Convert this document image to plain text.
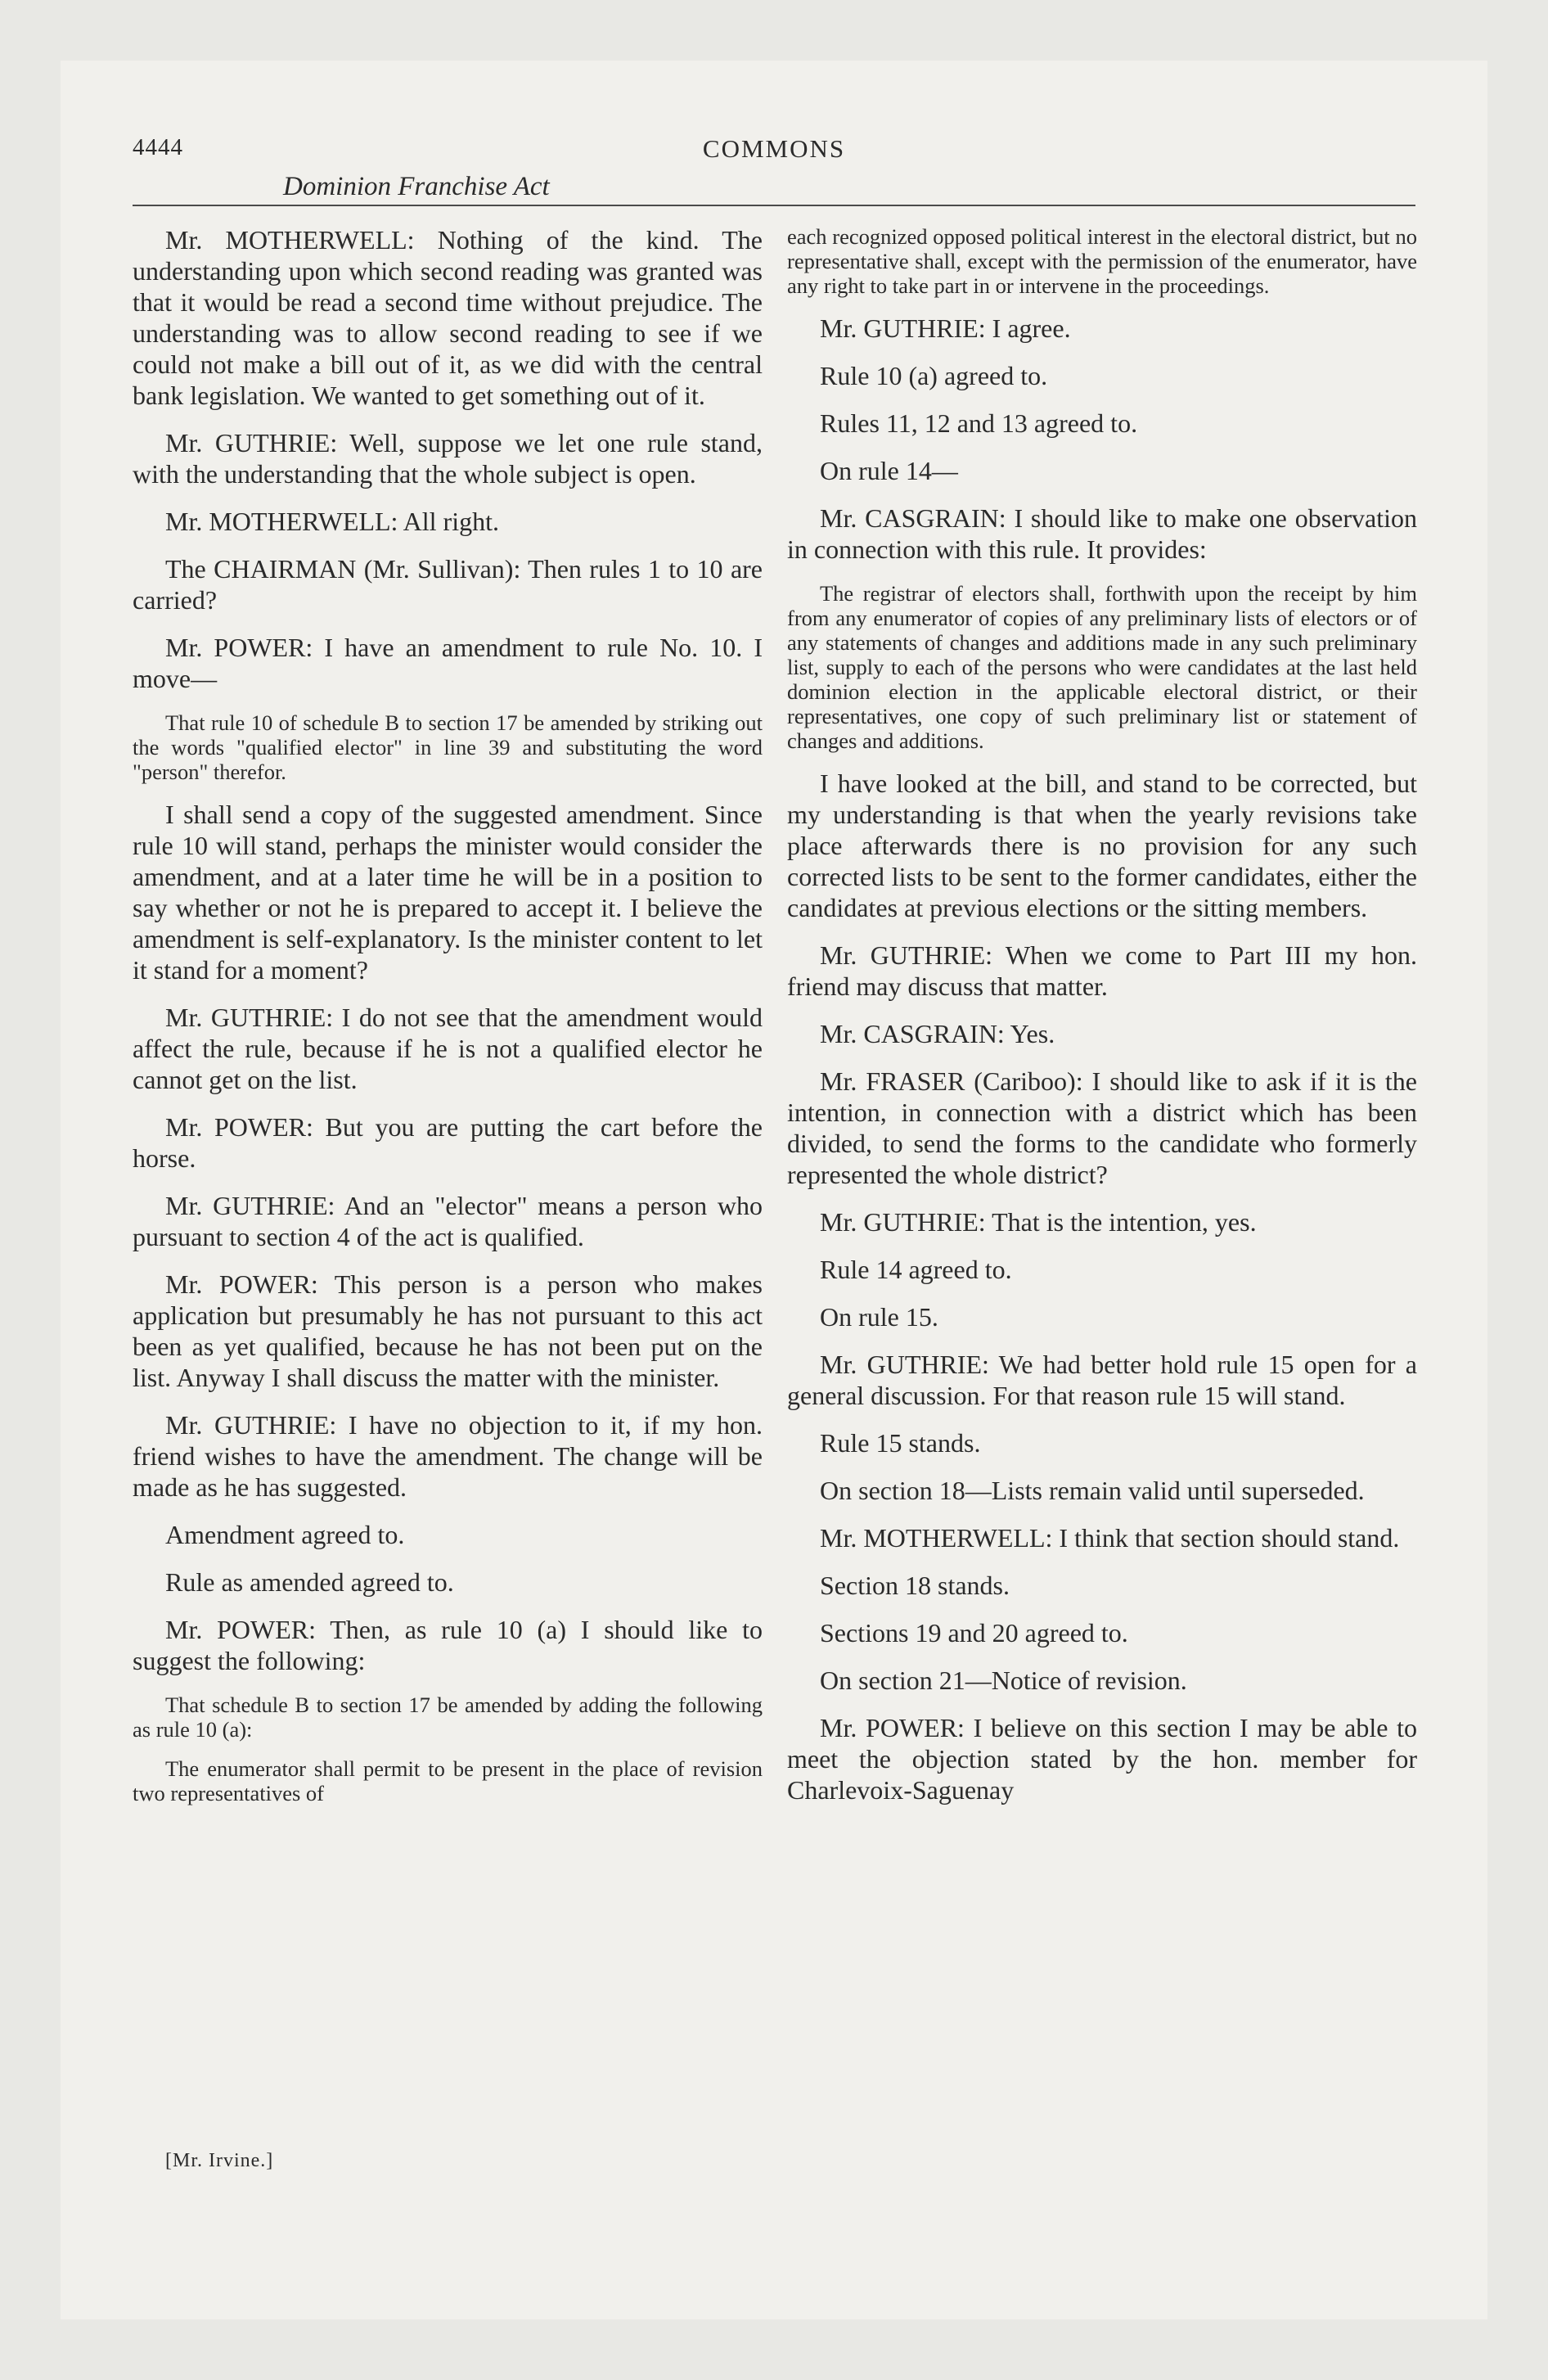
4444	COMMONS
Dominion Franchise Act

Mr. MOTHERWELL: Nothing of the kind. The understanding upon which second reading was granted was that it would be read a second time without prejudice. The understanding was to allow second reading to see if we could not make a bill out of it, as we did with the central bank legislation. We wanted to get something out of it.

Mr. GUTHRIE: Well, suppose we let one rule stand, with the understanding that the whole subject is open.

Mr. MOTHERWELL: All right.

The CHAIRMAN (Mr. Sullivan): Then rules 1 to 10 are carried?

Mr. POWER: I have an amendment to rule No. 10. I move—

That rule 10 of schedule B to section 17 be amended by striking out the words "qualified elector" in line 39 and substituting the word "person" therefor.

I shall send a copy of the suggested amendment. Since rule 10 will stand, perhaps the minister would consider the amendment, and at a later time he will be in a position to say whether or not he is prepared to accept it. I believe the amendment is self-explanatory. Is the minister content to let it stand for a moment?

Mr. GUTHRIE: I do not see that the amendment would affect the rule, because if he is not a qualified elector he cannot get on the list.

Mr. POWER: But you are putting the cart before the horse.

Mr. GUTHRIE: And an "elector" means a person who pursuant to section 4 of the act is qualified.

Mr. POWER: This person is a person who makes application but presumably he has not pursuant to this act been as yet qualified, because he has not been put on the list. Anyway I shall discuss the matter with the minister.

Mr. GUTHRIE: I have no objection to it, if my hon. friend wishes to have the amendment. The change will be made as he has suggested.

Amendment agreed to.

Rule as amended agreed to.

Mr. POWER: Then, as rule 10 (a) I should like to suggest the following:

That schedule B to section 17 be amended by adding the following as rule 10 (a):

The enumerator shall permit to be present in the place of revision two representatives of

each recognized opposed political interest in the electoral district, but no representative shall, except with the permission of the enumerator, have any right to take part in or intervene in the proceedings.

Mr. GUTHRIE: I agree.

Rule 10 (a) agreed to.

Rules 11, 12 and 13 agreed to.

On rule 14—

Mr. CASGRAIN: I should like to make one observation in connection with this rule. It provides:

The registrar of electors shall, forthwith upon the receipt by him from any enumerator of copies of any preliminary lists of electors or of any statements of changes and additions made in any such preliminary list, supply to each of the persons who were candidates at the last held dominion election in the applicable electoral district, or their representatives, one copy of such preliminary list or statement of changes and additions.

I have looked at the bill, and stand to be corrected, but my understanding is that when the yearly revisions take place afterwards there is no provision for any such corrected lists to be sent to the former candidates, either the candidates at previous elections or the sitting members.

Mr. GUTHRIE: When we come to Part III my hon. friend may discuss that matter.

Mr. CASGRAIN: Yes.

Mr. FRASER (Cariboo): I should like to ask if it is the intention, in connection with a district which has been divided, to send the forms to the candidate who formerly represented the whole district?

Mr. GUTHRIE: That is the intention, yes.

Rule 14 agreed to.

On rule 15.

Mr. GUTHRIE: We had better hold rule 15 open for a general discussion. For that reason rule 15 will stand.

Rule 15 stands.

On section 18—Lists remain valid until superseded.

Mr. MOTHERWELL: I think that section should stand.

Section 18 stands.

Sections 19 and 20 agreed to.

On section 21—Notice of revision.

Mr. POWER: I believe on this section I may be able to meet the objection stated by the hon. member for Charlevoix-Saguenay

[Mr. Irvine.]
